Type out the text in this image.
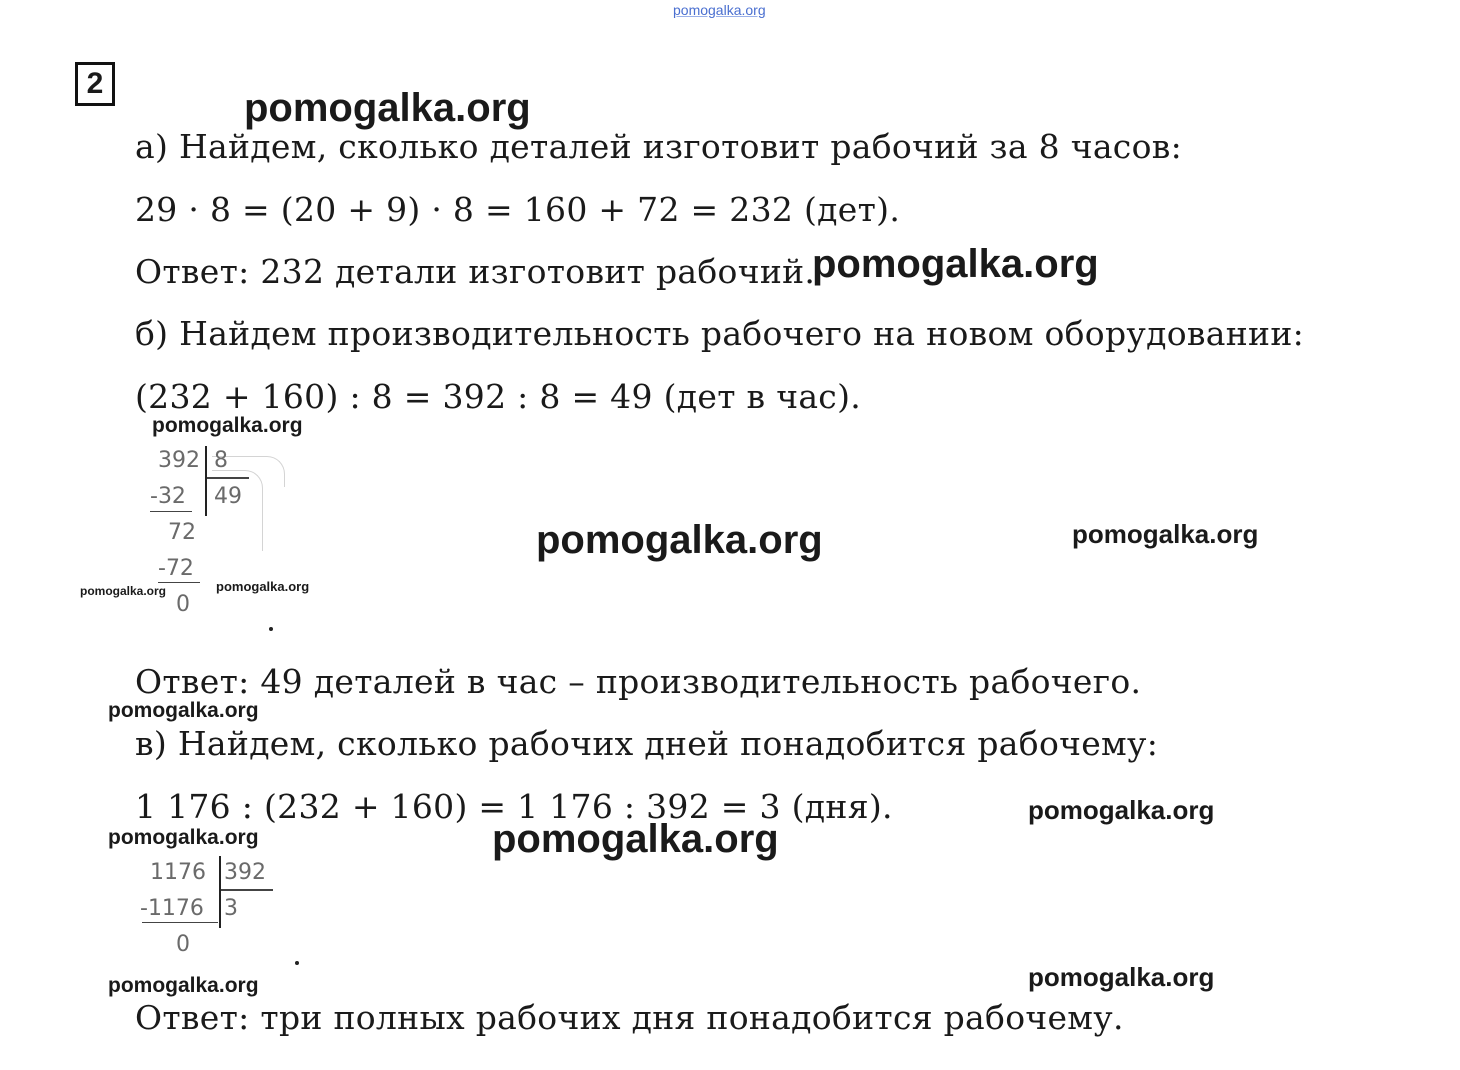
pomogalka.org
2
pomogalka.org
а) Найдем, сколько деталей изготовит рабочий за 8 часов:
29 · 8 = (20 + 9) · 8 = 160 + 72 = 232 (дет).
Ответ: 232 детали изготовит рабочий.
pomogalka.org
б) Найдем производительность рабочего на новом оборудовании:
(232 + 160) : 8 = 392 : 8 = 49 (дет в час).
pomogalka.org
392 8
-32 49
72
-72
0
pomogalka.org	pomogalka.org
pomogalka.org	pomogalka.org
Ответ: 49 деталей в час – производительность рабочего.
pomogalka.org
в) Найдем, сколько рабочих дней понадобится рабочему:
1 176 : (232 + 160) = 1 176 : 392 = 3 (дня).	pomogalka.org
pomogalka.org	pomogalka.org
1176 392
-1176 3
0
pomogalka.org	pomogalka.org
Ответ: три полных рабочих дня понадобится рабочему.
